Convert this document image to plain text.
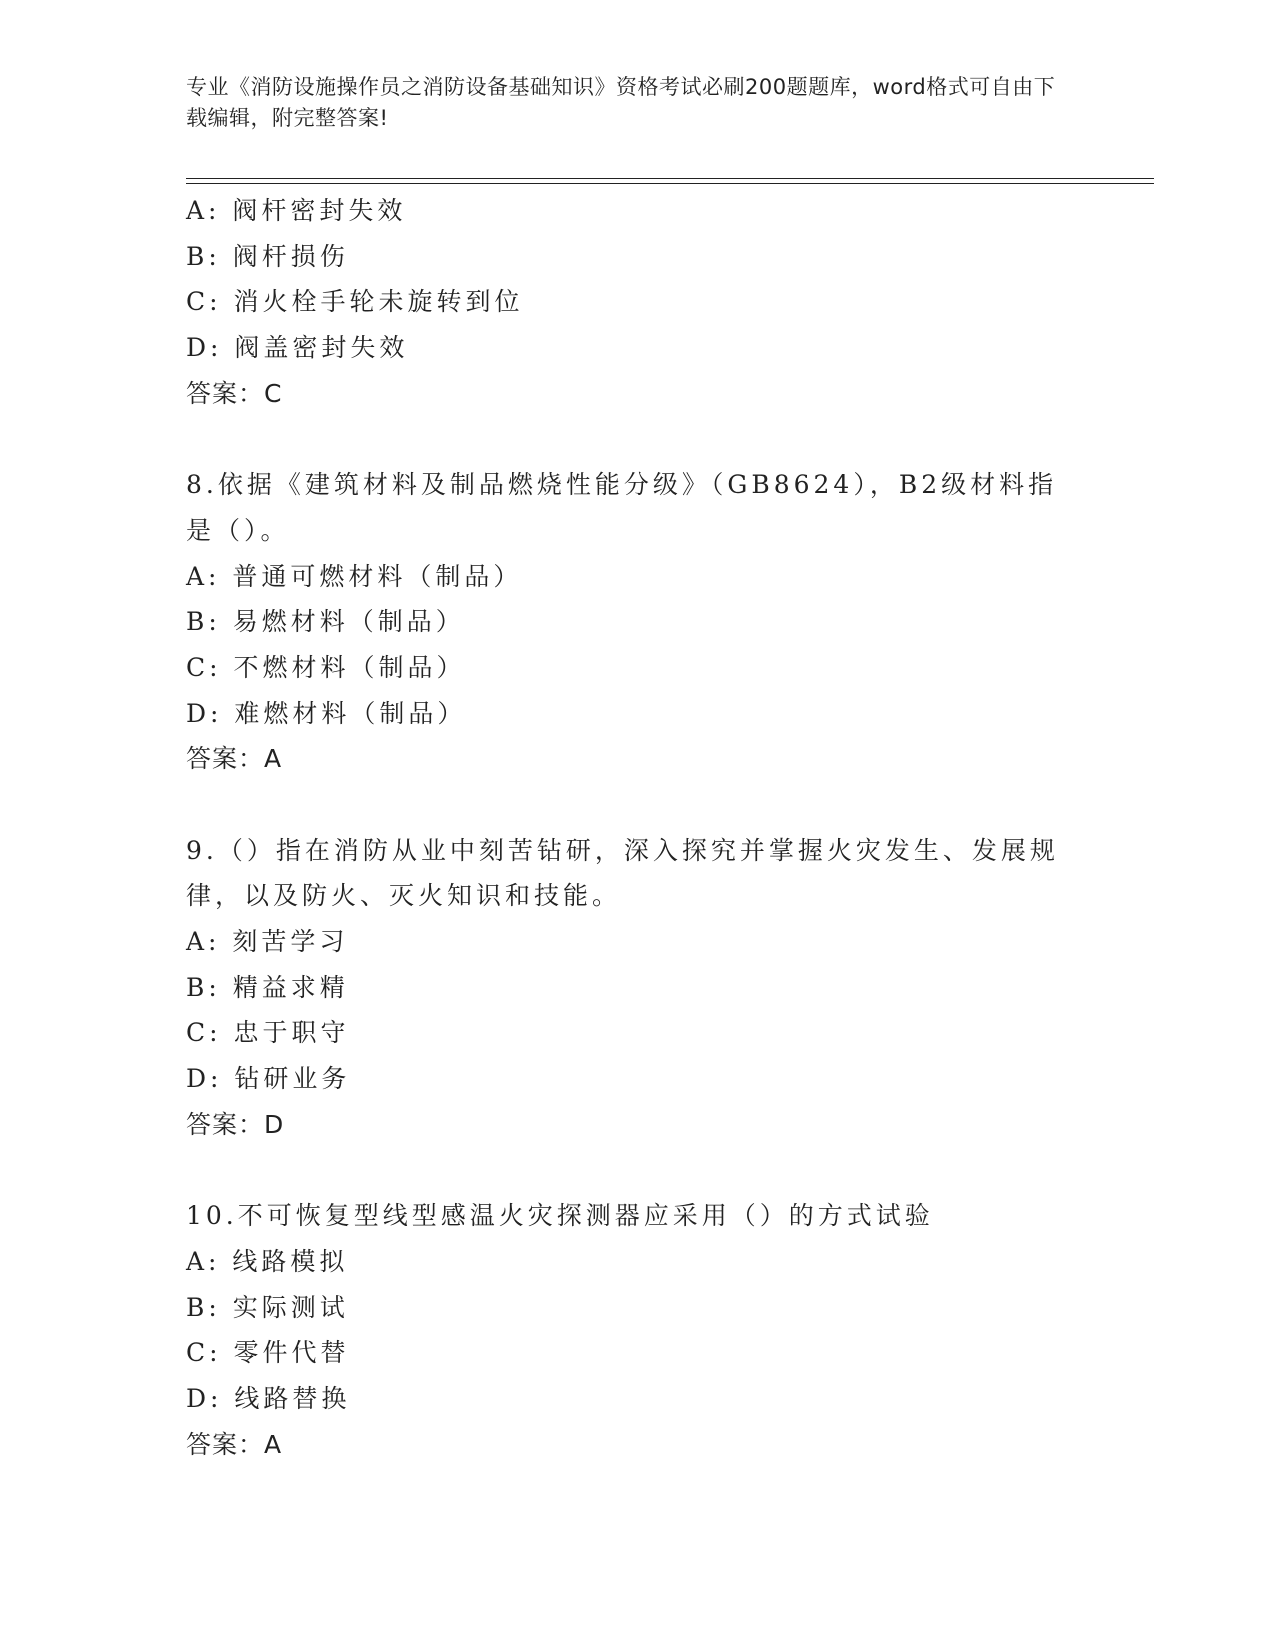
专业《消防设施操作员之消防设备基础知识》资格考试必刷200题题库，word格式可自由下载编辑，附完整答案!
A: 阀杆密封失效
B: 阀杆损伤
C: 消火栓手轮未旋转到位
D: 阀盖密封失效
答案：C
8.依据《建筑材料及制品燃烧性能分级》（GB8624），B2级材料指是（）。
A: 普通可燃材料（制品）
B: 易燃材料（制品）
C: 不燃材料（制品）
D: 难燃材料（制品）
答案：A
9.（）指在消防从业中刻苦钻研，深入探究并掌握火灾发生、发展规律，以及防火、灭火知识和技能。
A: 刻苦学习
B: 精益求精
C: 忠于职守
D: 钻研业务
答案：D
10.不可恢复型线型感温火灾探测器应采用（）的方式试验
A: 线路模拟
B: 实际测试
C: 零件代替
D: 线路替换
答案：A
